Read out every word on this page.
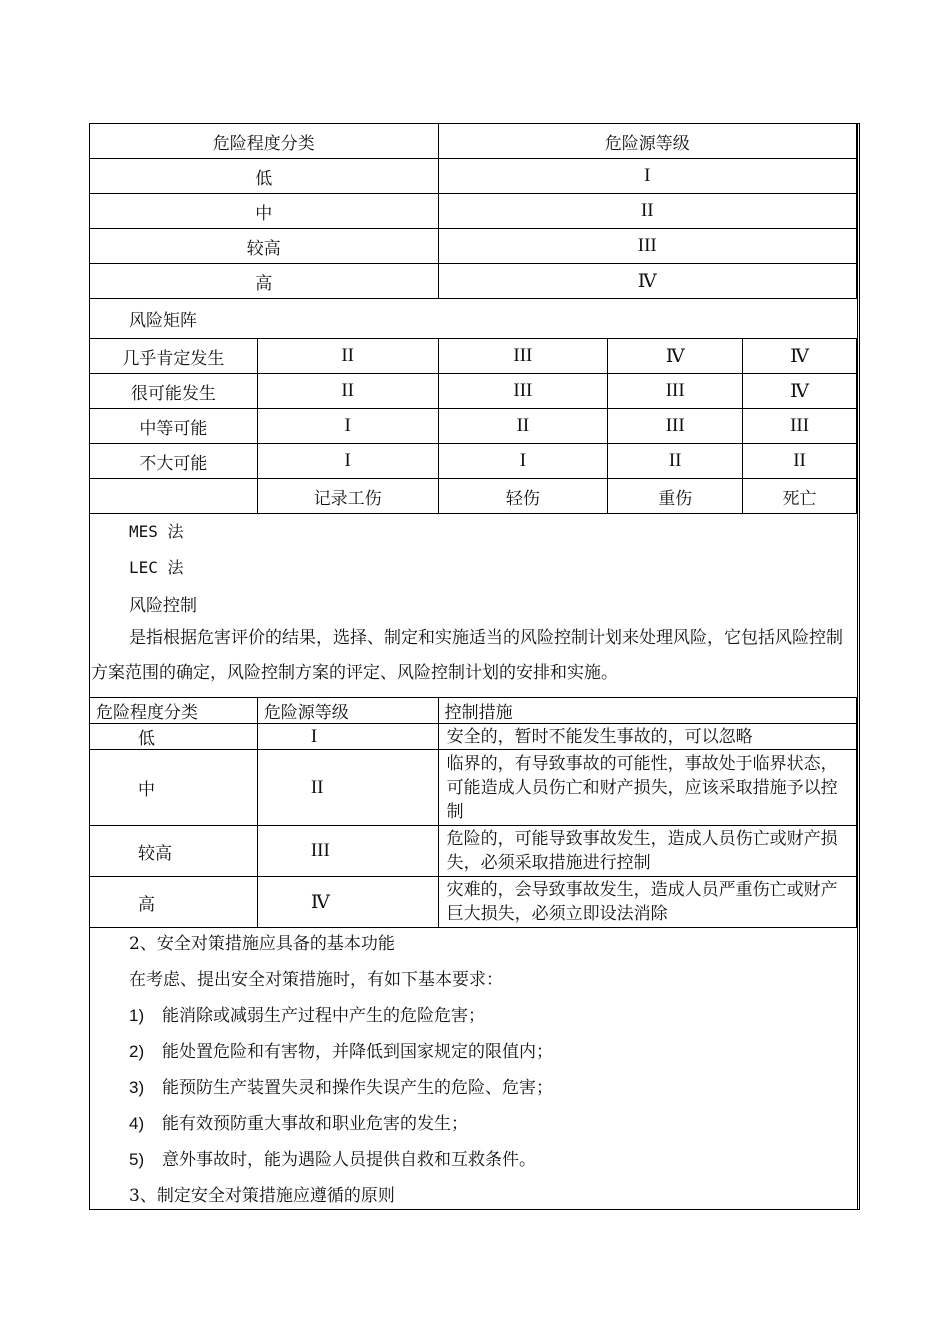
危险程度分类	危险源等级
低	I
中	II
较高	III
高	Ⅳ
风险矩阵
几乎肯定发生	II	III	Ⅳ	Ⅳ
很可能发生	II	III	III	Ⅳ
中等可能	I	II	III	III
不大可能	I	I	II	II
	记录工伤	轻伤	重伤	死亡
MES 法
LEC 法
风险控制
是指根据危害评价的结果，选择、制定和实施适当的风险控制计划来处理风险，它包括风险控制方案范围的确定，风险控制方案的评定、风险控制计划的安排和实施。
危险程度分类	危险源等级	控制措施
低	I	安全的，暂时不能发生事故的，可以忽略
中	II	临界的，有导致事故的可能性，事故处于临界状态，可能造成人员伤亡和财产损失，应该采取措施予以控制
较高	III	危险的，可能导致事故发生，造成人员伤亡或财产损失，必须采取措施进行控制
高	Ⅳ	灾难的，会导致事故发生，造成人员严重伤亡或财产巨大损失，必须立即设法消除
2、安全对策措施应具备的基本功能
在考虑、提出安全对策措施时，有如下基本要求：
1) 能消除或减弱生产过程中产生的危险危害；
2) 能处置危险和有害物，并降低到国家规定的限值内；
3) 能预防生产装置失灵和操作失误产生的危险、危害；
4) 能有效预防重大事故和职业危害的发生；
5) 意外事故时，能为遇险人员提供自救和互救条件。
3、制定安全对策措施应遵循的原则
